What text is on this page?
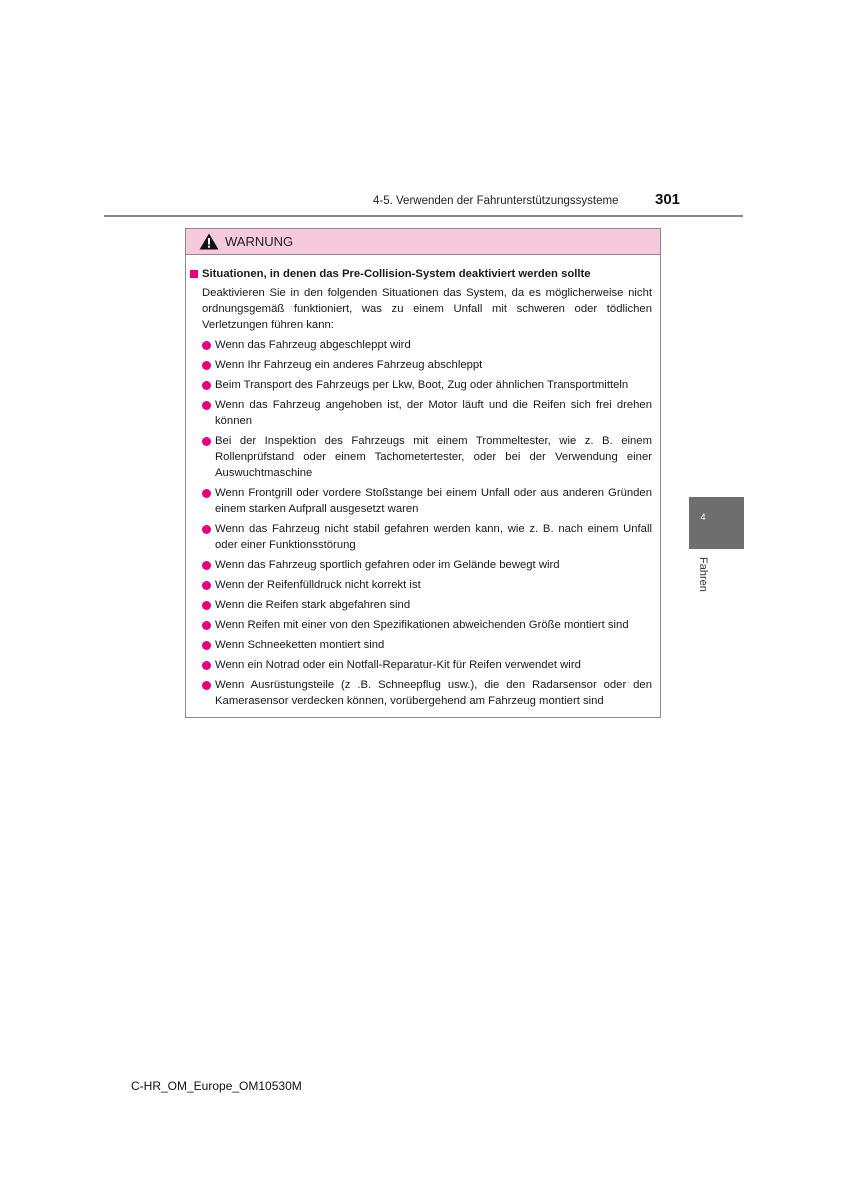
4-5. Verwenden der Fahrunterstützungssysteme 301
4
Fahren
WARNUNG
Situationen, in denen das Pre-Collision-System deaktiviert werden sollte
Deaktivieren Sie in den folgenden Situationen das System, da es möglicherweise nicht ordnungsgemäß funktioniert, was zu einem Unfall mit schweren oder tödlichen Verletzungen führen kann:
Wenn das Fahrzeug abgeschleppt wird
Wenn Ihr Fahrzeug ein anderes Fahrzeug abschleppt
Beim Transport des Fahrzeugs per Lkw, Boot, Zug oder ähnlichen Transportmitteln
Wenn das Fahrzeug angehoben ist, der Motor läuft und die Reifen sich frei drehen können
Bei der Inspektion des Fahrzeugs mit einem Trommeltester, wie z. B. einem Rollenprüfstand oder einem Tachometertester, oder bei der Verwendung einer Auswuchtmaschine
Wenn Frontgrill oder vordere Stoßstange bei einem Unfall oder aus anderen Gründen einem starken Aufprall ausgesetzt waren
Wenn das Fahrzeug nicht stabil gefahren werden kann, wie z. B. nach einem Unfall oder einer Funktionsstörung
Wenn das Fahrzeug sportlich gefahren oder im Gelände bewegt wird
Wenn der Reifenfülldruck nicht korrekt ist
Wenn die Reifen stark abgefahren sind
Wenn Reifen mit einer von den Spezifikationen abweichenden Größe montiert sind
Wenn Schneeketten montiert sind
Wenn ein Notrad oder ein Notfall-Reparatur-Kit für Reifen verwendet wird
Wenn Ausrüstungsteile (z .B. Schneepflug usw.), die den Radarsensor oder den Kamerasensor verdecken können, vorübergehend am Fahrzeug montiert sind
C-HR_OM_Europe_OM10530M
